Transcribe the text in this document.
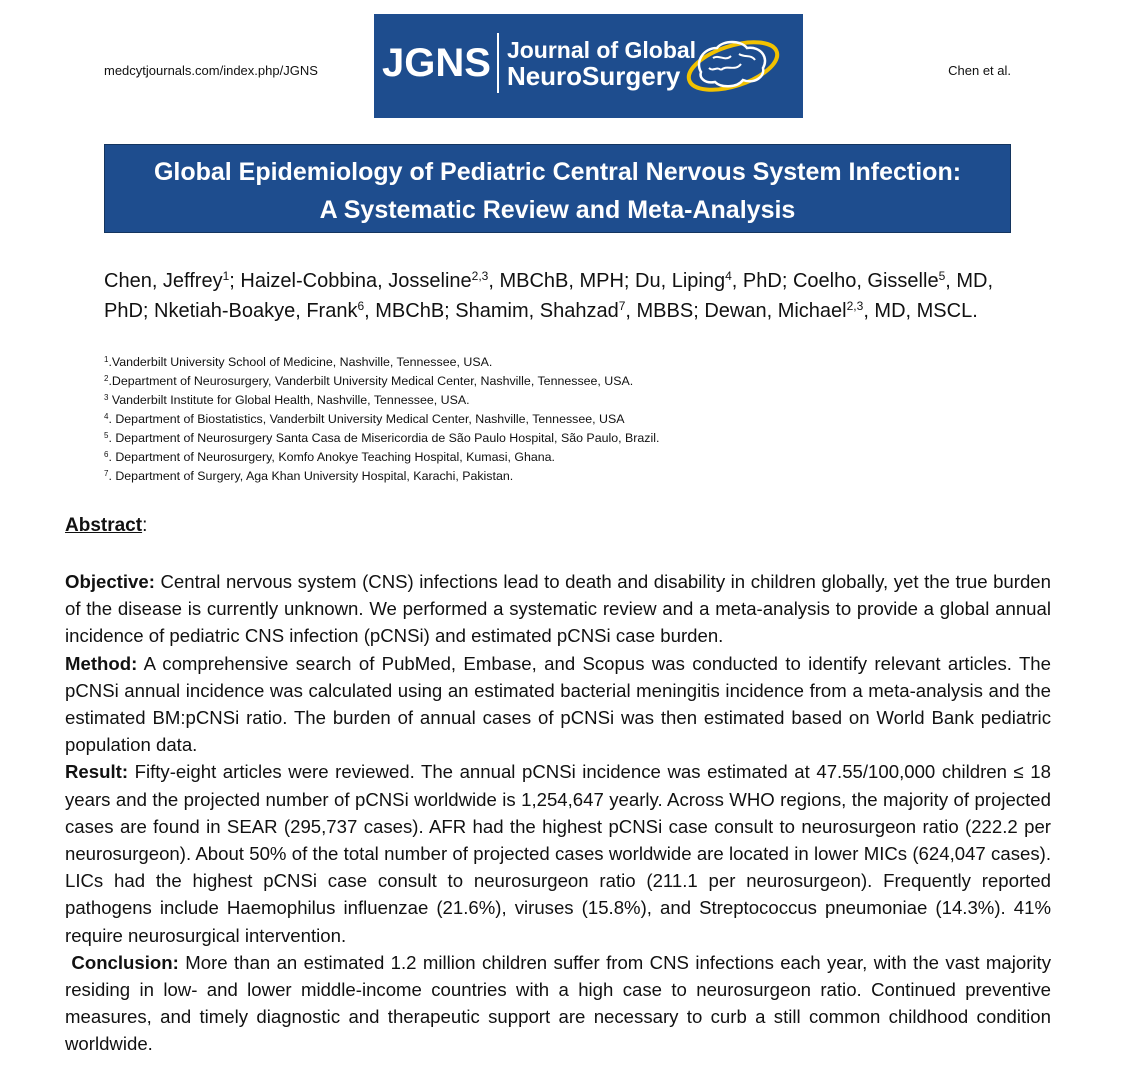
medcytjournals.com/index.php/JGNS JGNS Journal of Global
NeuroSurgery	Chen et al.
Global Epidemiology of Pediatric Central Nervous System Infection:
A Systematic Review and Meta-Analysis
Chen, Jeffrey$^1$; Haizel-Cobbina, Josseline$^{2,3}$, MBChB, MPH; Du, Liping$^4$, PhD; Coelho, Gisselle$^5$, MD,
PhD; Nketiah-Boakye, Frank$^6$, MBChB; Shamim, Shahzad$^7$, MBBS; Dewan, Michael$^{2,3}$, MD, MSCL.
$^1$.Vanderbilt University School of Medicine, Nashville, Tennessee, USA.
$^2$.Department of Neurosurgery, Vanderbilt University Medical Center, Nashville, Tennessee, USA.
$^3$ Vanderbilt Institute for Global Health, Nashville, Tennessee, USA.
$^4$. Department of Biostatistics, Vanderbilt University Medical Center, Nashville, Tennessee, USA
$^5$. Department of Neurosurgery Santa Casa de Misericordia de São Paulo Hospital, São Paulo, Brazil.
$^6$. Department of Neurosurgery, Komfo Anokye Teaching Hospital, Kumasi, Ghana.
$^7$. Department of Surgery, Aga Khan University Hospital, Karachi, Pakistan.
Abstract:

Objective: Central nervous system (CNS) infections lead to death and disability in children globally, yet the true burden of the disease is currently unknown. We performed a systematic review and a meta-analysis to provide a global annual incidence of pediatric CNS infection (pCNSi) and estimated pCNSi case burden.

Method: A comprehensive search of PubMed, Embase, and Scopus was conducted to identify relevant articles. The pCNSi annual incidence was calculated using an estimated bacterial meningitis incidence from a meta-analysis and the estimated BM:pCNSi ratio. The burden of annual cases of pCNSi was then estimated based on World Bank pediatric population data.

Result: Fifty-eight articles were reviewed. The annual pCNSi incidence was estimated at 47.55/100,000 children ≤ 18 years and the projected number of pCNSi worldwide is 1,254,647 yearly. Across WHO regions, the majority of projected cases are found in SEAR (295,737 cases). AFR had the highest pCNSi case consult to neurosurgeon ratio (222.2 per neurosurgeon). About 50% of the total number of projected cases worldwide are located in lower MICs (624,047 cases). LICs had the highest pCNSi case consult to neurosurgeon ratio (211.1 per neurosurgeon). Frequently reported pathogens include Haemophilus influenzae (21.6%), viruses (15.8%), and Streptococcus pneumoniae (14.3%). 41% require neurosurgical intervention.

Conclusion: More than an estimated 1.2 million children suffer from CNS infections each year, with the vast majority residing in low- and lower middle-income countries with a high case to neurosurgeon ratio. Continued preventive measures, and timely diagnostic and therapeutic support are necessary to curb a still common childhood condition worldwide.
